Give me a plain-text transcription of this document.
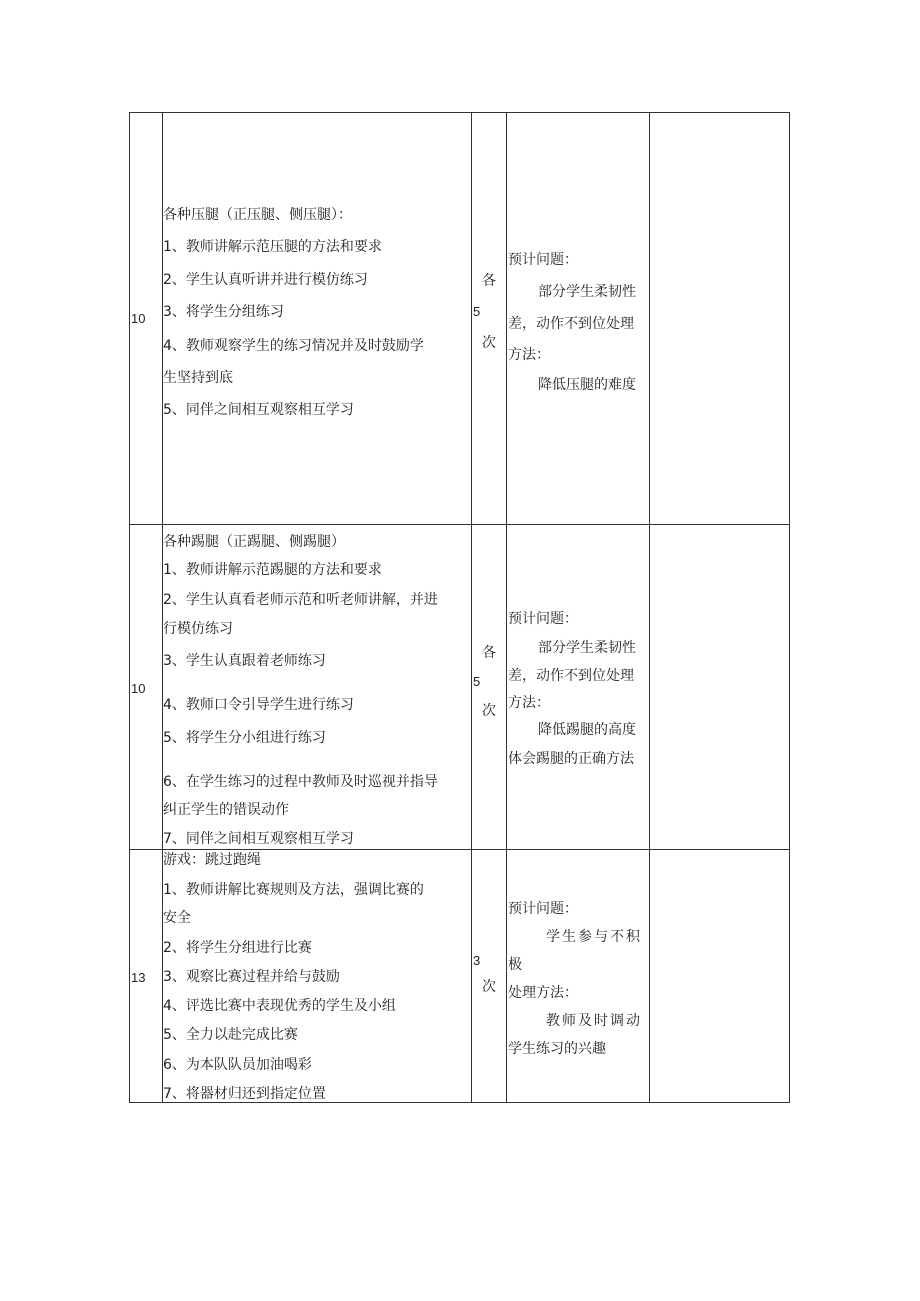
10
各种压腿（正压腿、侧压腿）：
1、教师讲解示范压腿的方法和要求
2、学生认真听讲并进行模仿练习
3、将学生分组练习
4、教师观察学生的练习情况并及时鼓励学
生坚持到底
5、同伴之间相互观察相互学习
各
5
次
预计问题：
部分学生柔韧性
差，动作不到位处理
方法：
降低压腿的难度
10
各种踢腿（正踢腿、侧踢腿）
1、教师讲解示范踢腿的方法和要求
2、学生认真看老师示范和听老师讲解，并进
行模仿练习
3、学生认真跟着老师练习
4、教师口令引导学生进行练习
5、将学生分小组进行练习
6、在学生练习的过程中教师及时巡视并指导
纠正学生的错误动作
7、同伴之间相互观察相互学习
各
5
次
预计问题：
部分学生柔韧性
差，动作不到位处理
方法：
降低踢腿的高度
体会踢腿的正确方法
13
游戏：跳过跑绳
1、教师讲解比赛规则及方法，强调比赛的
安全
2、将学生分组进行比赛
3、观察比赛过程并给与鼓励
4、评选比赛中表现优秀的学生及小组
5、全力以赴完成比赛
6、为本队队员加油喝彩
7、将器材归还到指定位置
3
次
预计问题：
学生参与不积
极
处理方法：
教师及时调动
学生练习的兴趣
